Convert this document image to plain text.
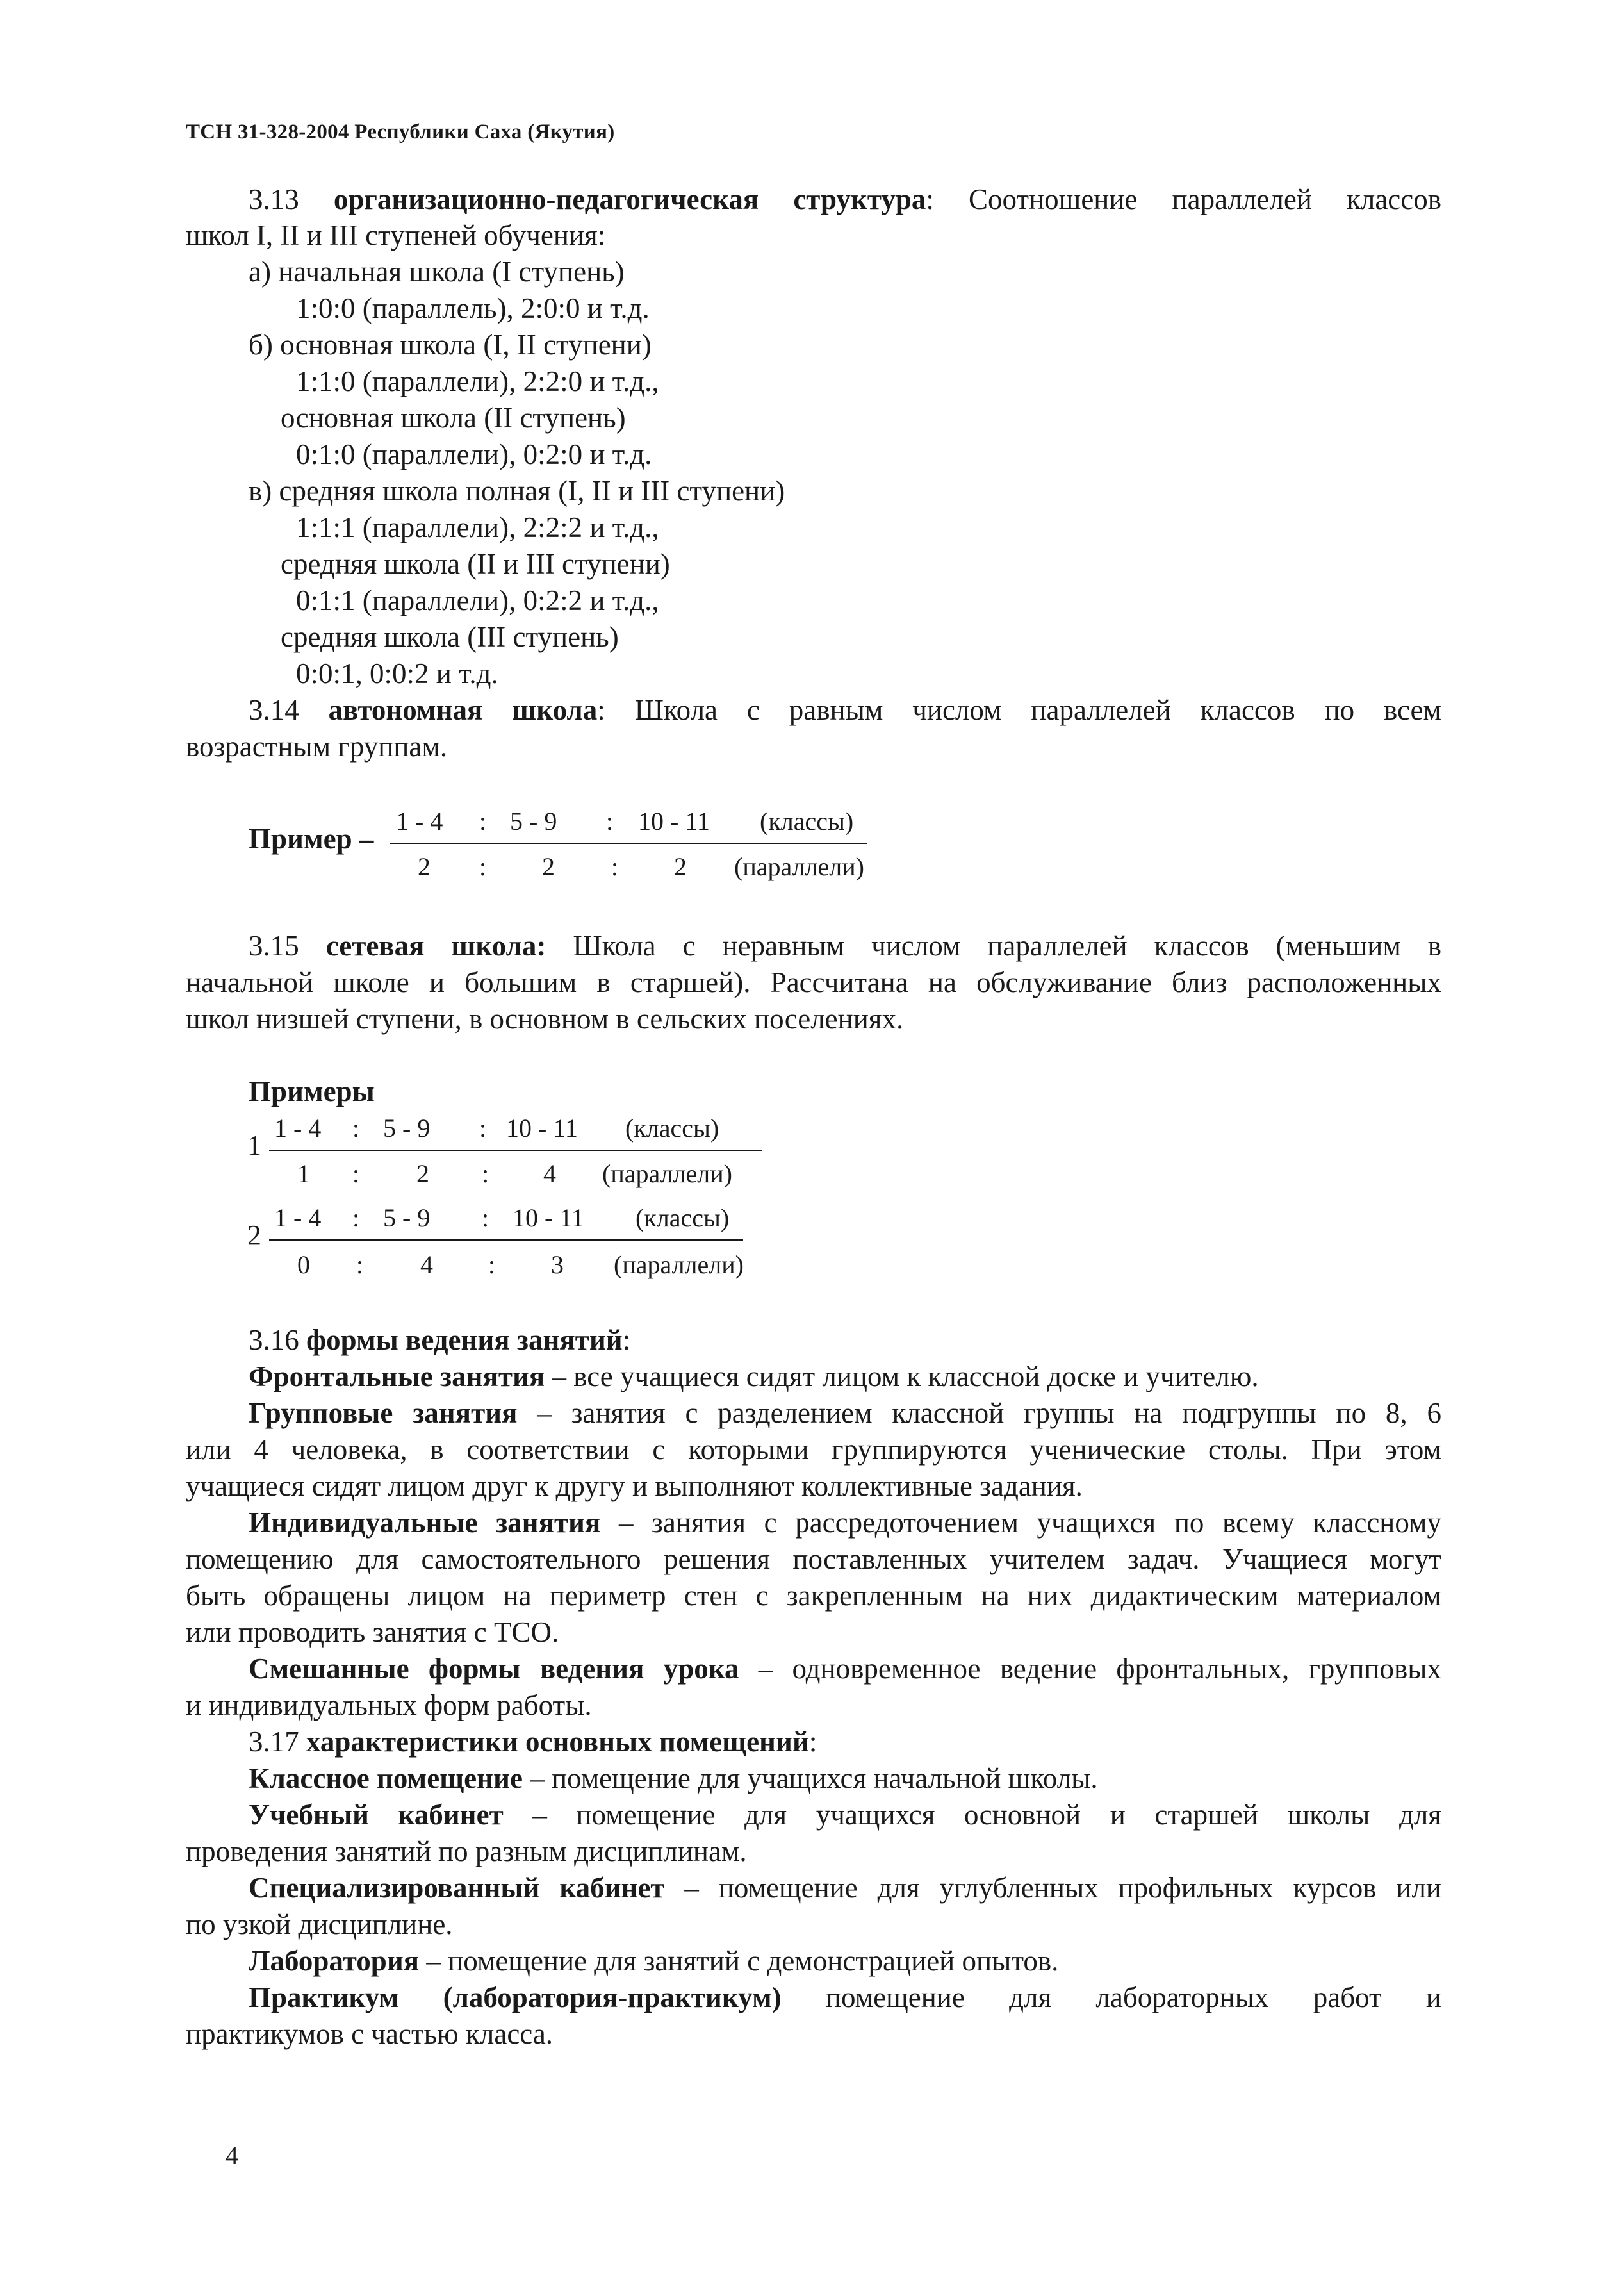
ТСН 31-328-2004 Республики Саха (Якутия)
3.13 организационно-педагогическая структура: Соотношение параллелей классов
школ I, II и III ступеней обучения:
а) начальная школа (I ступень)
1:0:0 (параллель), 2:0:0 и т.д.
б) основная школа (I, II ступени)
1:1:0 (параллели), 2:2:0 и т.д.,
основная школа (II ступень)
0:1:0 (параллели), 0:2:0 и т.д.
в) средняя школа полная (I, II и III ступени)
1:1:1 (параллели), 2:2:2 и т.д.,
средняя школа (II и III ступени)
0:1:1 (параллели), 0:2:2 и т.д.,
средняя школа (III ступень)
0:0:1, 0:0:2 и т.д.
3.14 автономная школа: Школа с равным числом параллелей классов по всем
возрастным группам.
Пример –
1 - 4 : 5 - 9 : 10 - 11 (классы)
2 : 2 : 2 (параллели)
3.15 сетевая школа: Школа с неравным числом параллелей классов (меньшим в
начальной школе и большим в старшей). Рассчитана на обслуживание близ расположенных
школ низшей ступени, в основном в сельских поселениях.
Примеры
1
1 - 4 : 5 - 9 : 10 - 11 (классы)
1 : 2 : 4 (параллели)
2
1 - 4 : 5 - 9 : 10 - 11 (классы)
0 : 4 : 3 (параллели)
3.16 формы ведения занятий:
Фронтальные занятия – все учащиеся сидят лицом к классной доске и учителю.
Групповые занятия – занятия с разделением классной группы на подгруппы по 8, 6
или 4 человека, в соответствии с которыми группируются ученические столы. При этом
учащиеся сидят лицом друг к другу и выполняют коллективные задания.
Индивидуальные занятия – занятия с рассредоточением учащихся по всему классному
помещению для самостоятельного решения поставленных учителем задач. Учащиеся могут
быть обращены лицом на периметр стен с закрепленным на них дидактическим материалом
или проводить занятия с ТСО.
Смешанные формы ведения урока – одновременное ведение фронтальных, групповых
и индивидуальных форм работы.
3.17 характеристики основных помещений:
Классное помещение – помещение для учащихся начальной школы.
Учебный кабинет – помещение для учащихся основной и старшей школы для
проведения занятий по разным дисциплинам.
Специализированный кабинет – помещение для углубленных профильных курсов или
по узкой дисциплине.
Лаборатория – помещение для занятий с демонстрацией опытов.
Практикум (лаборатория-практикум) помещение для лабораторных работ и
практикумов с частью класса.
4
